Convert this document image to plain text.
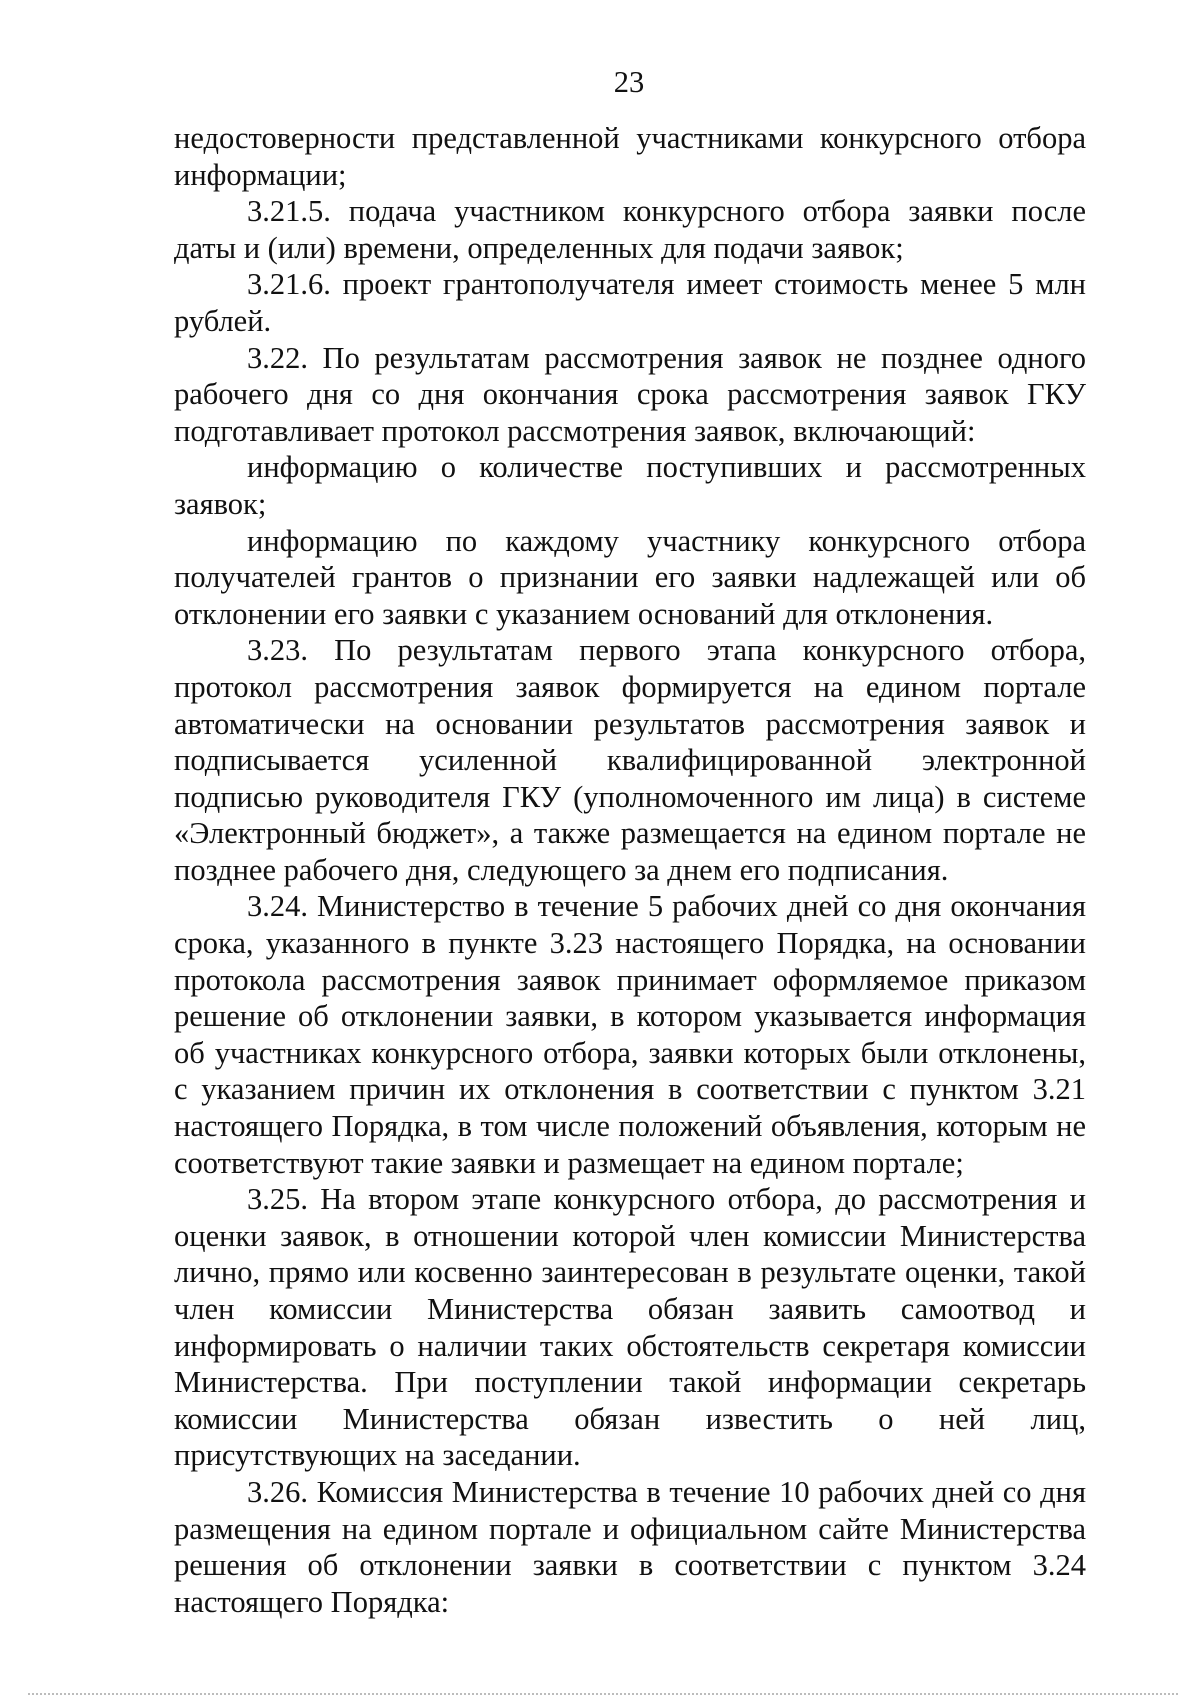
23

недостоверности представленной участниками конкурсного отбора информации;

3.21.5. подача участником конкурсного отбора заявки после даты и (или) времени, определенных для подачи заявок;

3.21.6. проект грантополучателя имеет стоимость менее 5 млн рублей.

3.22. По результатам рассмотрения заявок не позднее одного рабочего дня со дня окончания срока рассмотрения заявок ГКУ подготавливает протокол рассмотрения заявок, включающий:

информацию о количестве поступивших и рассмотренных заявок;

информацию по каждому участнику конкурсного отбора получателей грантов о признании его заявки надлежащей или об отклонении его заявки с указанием оснований для отклонения.

3.23. По результатам первого этапа конкурсного отбора, протокол рассмотрения заявок формируется на едином портале автоматически на основании результатов рассмотрения заявок и подписывается усиленной квалифицированной электронной подписью руководителя ГКУ (уполномоченного им лица) в системе «Электронный бюджет», а также размещается на едином портале не позднее рабочего дня, следующего за днем его подписания.

3.24. Министерство в течение 5 рабочих дней со дня окончания срока, указанного в пункте 3.23 настоящего Порядка, на основании протокола рассмотрения заявок принимает оформляемое приказом решение об отклонении заявки, в котором указывается информация об участниках конкурсного отбора, заявки которых были отклонены, с указанием причин их отклонения в соответствии с пунктом 3.21 настоящего Порядка, в том числе положений объявления, которым не соответствуют такие заявки и размещает на едином портале;

3.25. На втором этапе конкурсного отбора, до рассмотрения и оценки заявок, в отношении которой член комиссии Министерства лично, прямо или косвенно заинтересован в результате оценки, такой член комиссии Министерства обязан заявить самоотвод и информировать о наличии таких обстоятельств секретаря комиссии Министерства. При поступлении такой информации секретарь комиссии Министерства обязан известить о ней лиц, присутствующих на заседании.

3.26. Комиссия Министерства в течение 10 рабочих дней со дня размещения на едином портале и официальном сайте Министерства решения об отклонении заявки в соответствии с пунктом 3.24 настоящего Порядка:
